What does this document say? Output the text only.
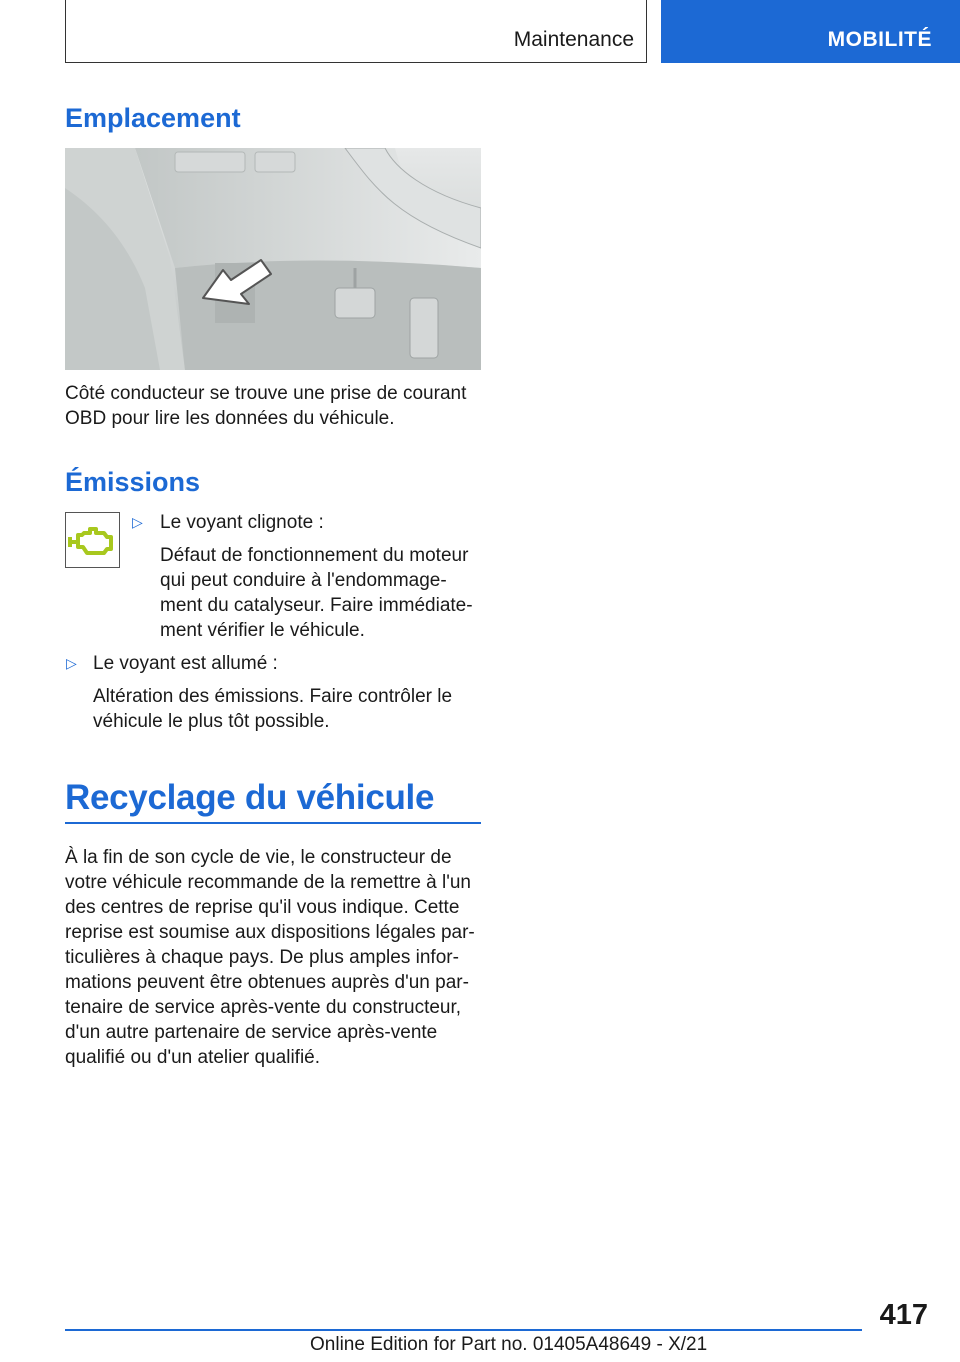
Maintenance	MOBILITÉ
Emplacement

Côté conducteur se trouve une prise de courant

OBD pour lire les données du véhicule.

Émissions
▷ Le voyant clignote :

Défaut de fonctionnement du moteur

qui peut conduire à l'endommage-

ment du catalyseur. Faire immédiate-

ment vérifier le véhicule.

▷ Le voyant est allumé :

Altération des émissions. Faire contrôler le

véhicule le plus tôt possible.

Recyclage du véhicule

À la fin de son cycle de vie, le constructeur de

votre véhicule recommande de la remettre à l'un

des centres de reprise qu'il vous indique. Cette

reprise est soumise aux dispositions légales par-

ticulières à chaque pays. De plus amples infor-

mations peuvent être obtenues auprès d'un par-

tenaire de service après-vente du constructeur,

d'un autre partenaire de service après-vente

qualifié ou d'un atelier qualifié.

417
Online Edition for Part no. 01405A48649 - X/21
